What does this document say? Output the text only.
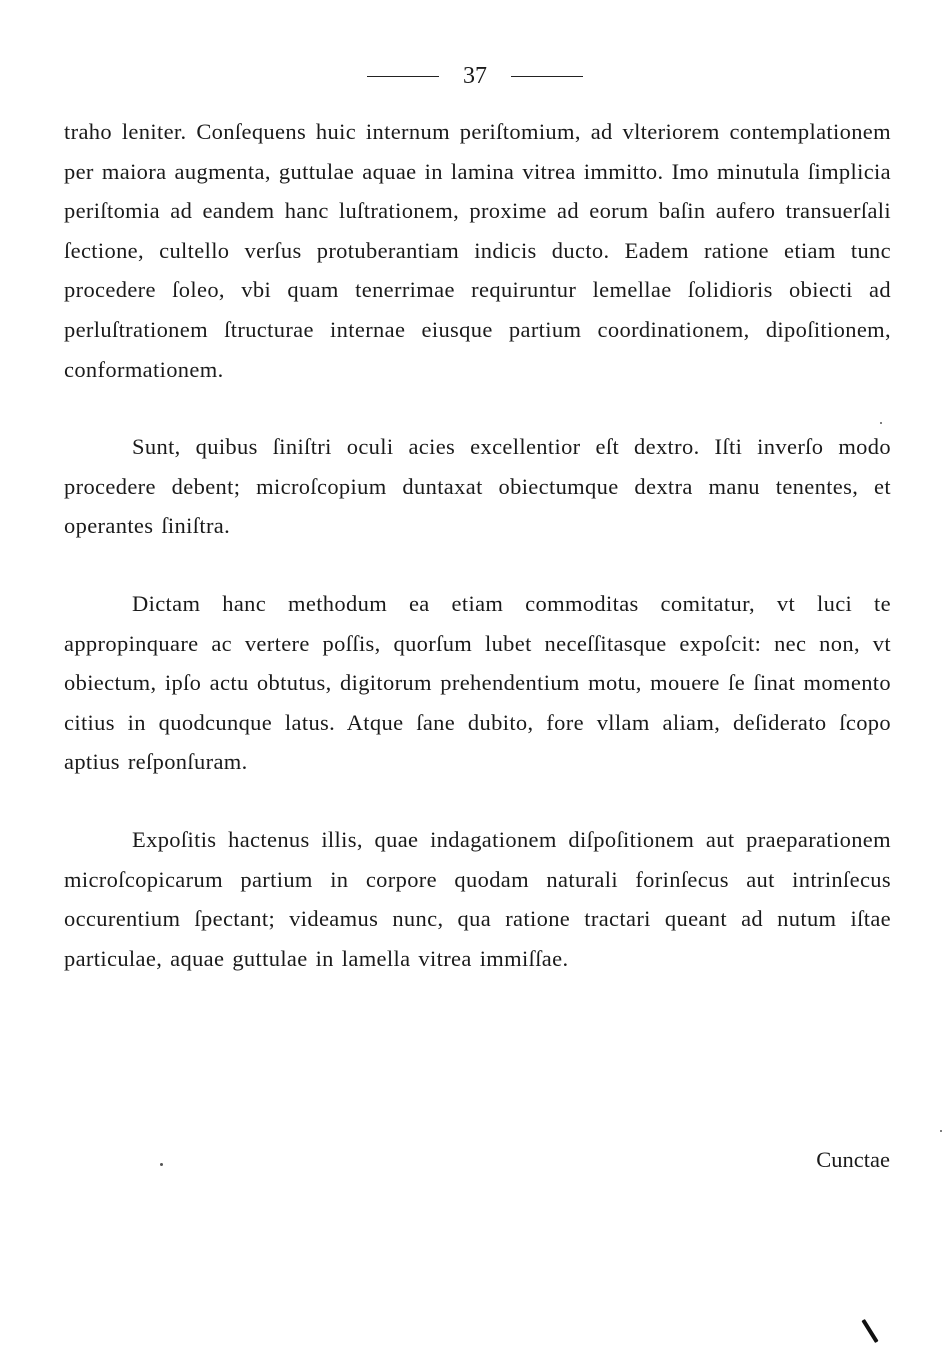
37

traho leniter. Conſequens huic internum periſtomium, ad vlteriorem contemplationem per maiora augmenta, guttulae aquae in lamina vitrea immitto. Imo minutula ſimplicia periſtomia ad eandem hanc luſtrationem, proxime ad eorum baſin aufero transuerſali ſectione, cultello verſus protuberantiam indicis ducto. Eadem ratione etiam tunc procedere ſoleo, vbi quam tenerrimae requiruntur lemellae ſolidioris obiecti ad perluſtrationem ſtructurae internae eiusque partium coordinationem, dipoſitionem, conformationem.

Sunt, quibus ſiniſtri oculi acies excellentior eſt dextro. Iſti inverſo modo procedere debent; microſcopium duntaxat obiectumque dextra manu tenentes, et operantes ſiniſtra.

Dictam hanc methodum ea etiam commoditas comitatur, vt luci te appropinquare ac vertere poſſis, quorſum lubet neceſſitasque expoſcit: nec non, vt obiectum, ipſo actu obtutus, digitorum prehendentium motu, mouere ſe ſinat momento citius in quodcunque latus. Atque ſane dubito, fore vllam aliam, deſiderato ſcopo aptius reſponſuram.

Expoſitis hactenus illis, quae indagationem diſpoſitionem aut praeparationem microſcopicarum partium in corpore quodam naturali forinſecus aut intrinſecus occurentium ſpectant; videamus nunc, qua ratione tractari queant ad nutum iſtae particulae, aquae guttulae in lamella vitrea immiſſae.

Cunctae
